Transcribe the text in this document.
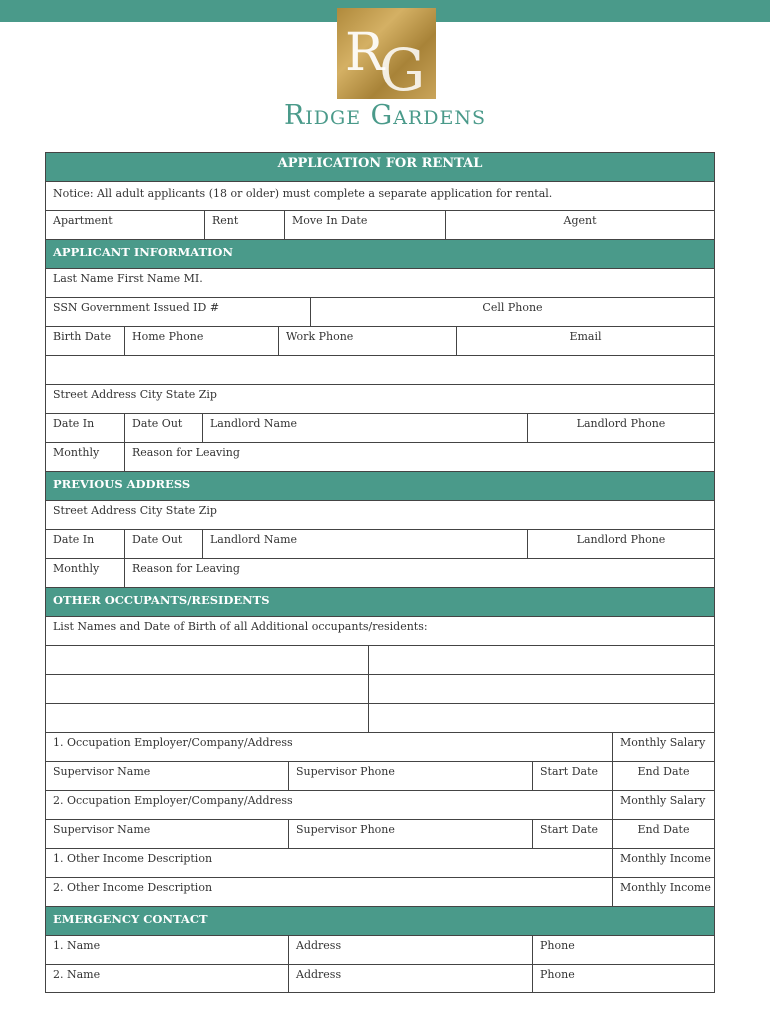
R
G
Ridge Gardens
APPLICATION FOR RENTAL
Notice: All adult applicants (18 or older) must complete a separate application for rental.
Apartment	Rent	Move In Date	Agent
APPLICANT INFORMATION
Last Name First Name MI.
SSN Government Issued ID #	Cell Phone
Birth Date	Home Phone	Work Phone	Email
Street Address City State Zip
Date In	Date Out	Landlord Name	Landlord Phone
Monthly	Reason for Leaving
PREVIOUS ADDRESS
Street Address City State Zip
Date In	Date Out	Landlord Name	Landlord Phone
Monthly	Reason for Leaving
OTHER OCCUPANTS/RESIDENTS
List Names and Date of Birth of all Additional occupants/residents:
1. Occupation Employer/Company/Address	Monthly Salary
Supervisor Name	Supervisor Phone	Start Date	End Date
2. Occupation Employer/Company/Address	Monthly Salary
Supervisor Name	Supervisor Phone	Start Date	End Date
1. Other Income Description	Monthly Income
2. Other Income Description	Monthly Income
EMERGENCY CONTACT
1. Name	Address	Phone
2. Name	Address	Phone
